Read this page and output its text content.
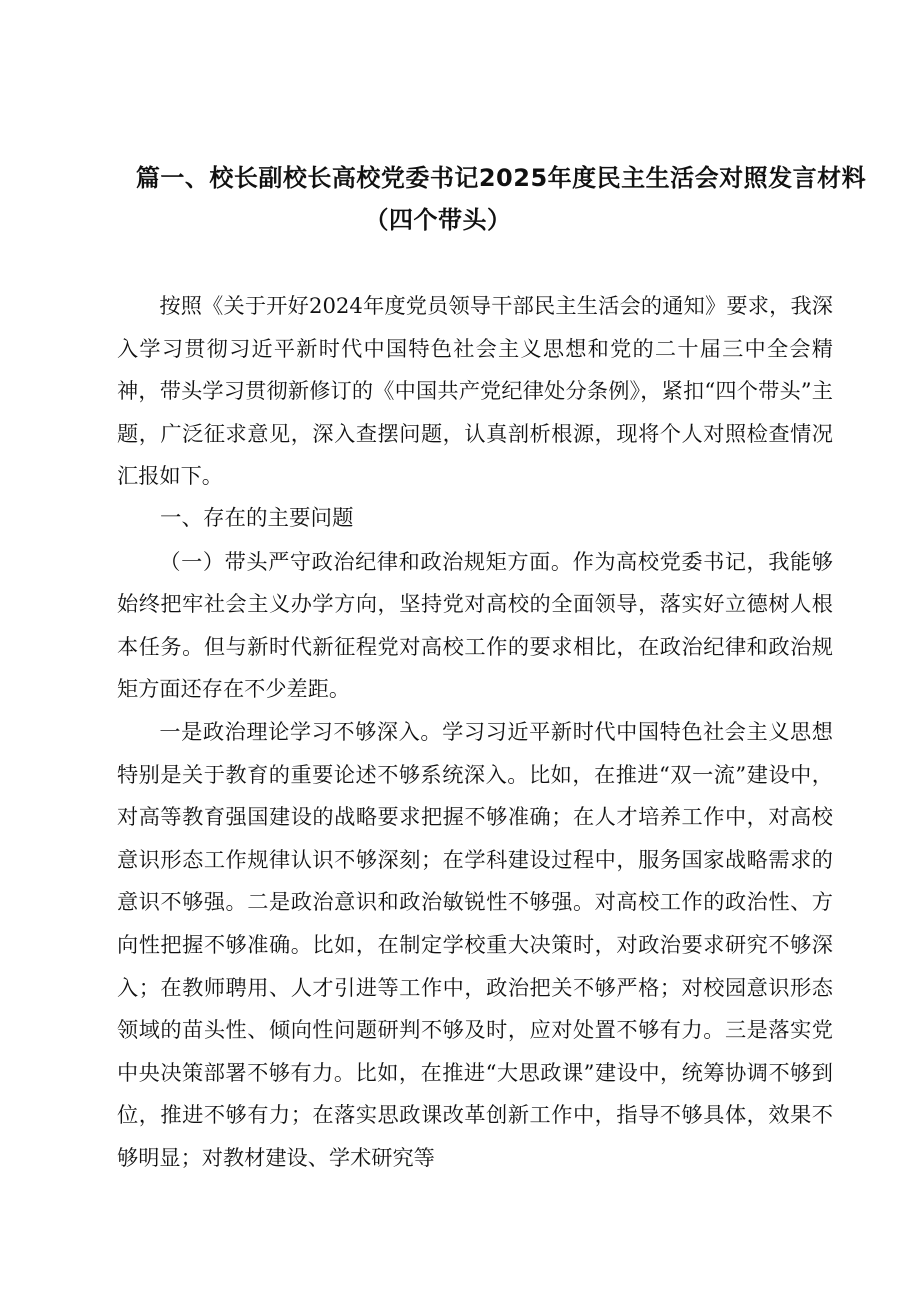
篇一、校长副校长高校党委书记2025年度民主生活会对照发言材料
（四个带头）

按照《关于开好2024年度党员领导干部民主生活会的通知》要求，我深入学习贯彻习近平新时代中国特色社会主义思想和党的二十届三中全会精神，带头学习贯彻新修订的《中国共产党纪律处分条例》，紧扣“四个带头”主题，广泛征求意见，深入查摆问题，认真剖析根源，现将个人对照检查情况汇报如下。

一、存在的主要问题

（一）带头严守政治纪律和政治规矩方面。作为高校党委书记，我能够始终把牢社会主义办学方向，坚持党对高校的全面领导，落实好立德树人根本任务。但与新时代新征程党对高校工作的要求相比，在政治纪律和政治规矩方面还存在不少差距。

一是政治理论学习不够深入。学习习近平新时代中国特色社会主义思想特别是关于教育的重要论述不够系统深入。比如，在推进“双一流”建设中，对高等教育强国建设的战略要求把握不够准确；在人才培养工作中，对高校意识形态工作规律认识不够深刻；在学科建设过程中，服务国家战略需求的意识不够强。二是政治意识和政治敏锐性不够强。对高校工作的政治性、方向性把握不够准确。比如，在制定学校重大决策时，对政治要求研究不够深入；在教师聘用、人才引进等工作中，政治把关不够严格；对校园意识形态领域的苗头性、倾向性问题研判不够及时，应对处置不够有力。三是落实党中央决策部署不够有力。比如，在推进“大思政课”建设中，统筹协调不够到位，推进不够有力；在落实思政课改革创新工作中，指导不够具体，效果不够明显；对教材建设、学术研究等
